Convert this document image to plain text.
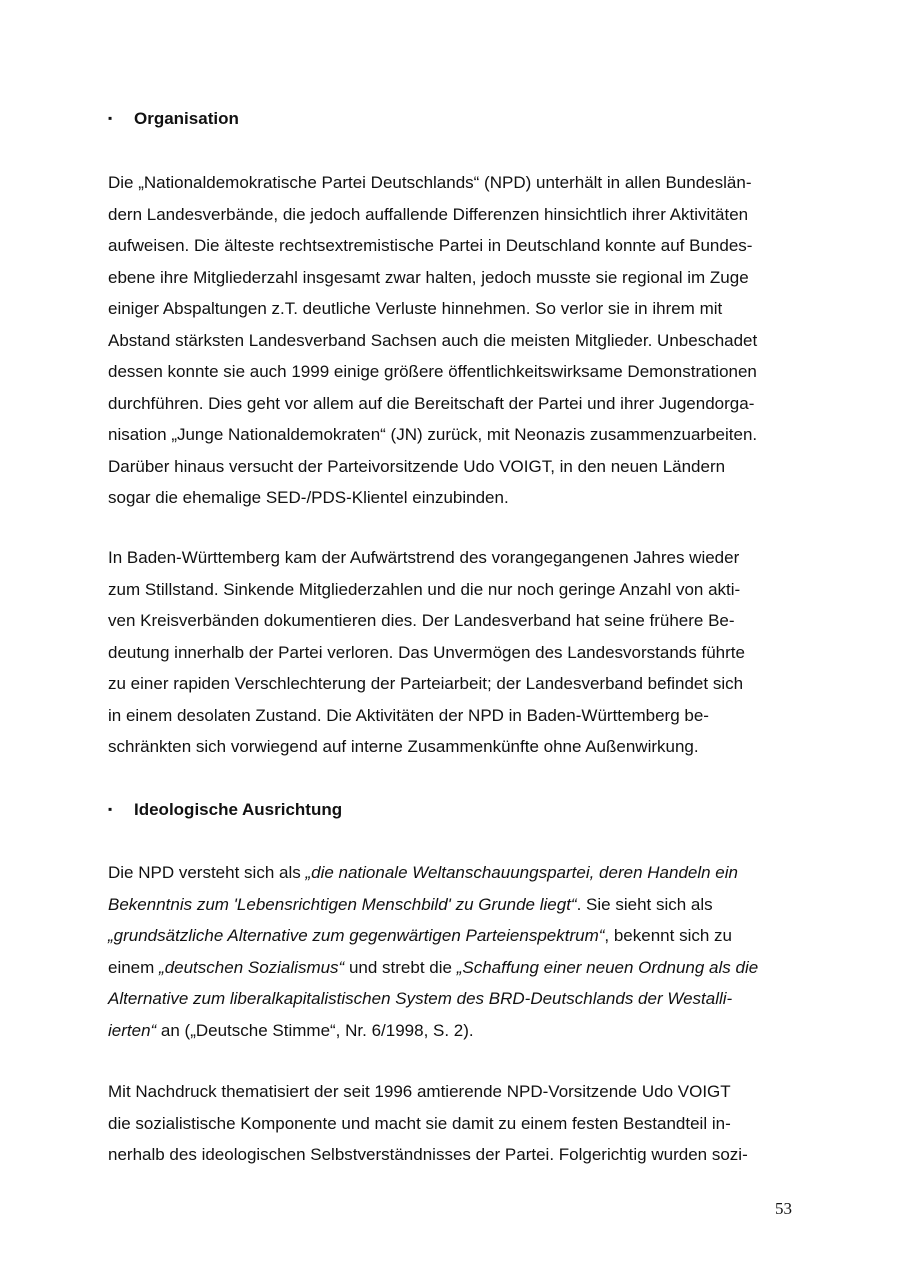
▪ Organisation
Die „Nationaldemokratische Partei Deutschlands“ (NPD) unterhält in allen Bundeslän-
dern Landesverbände, die jedoch auffallende Differenzen hinsichtlich ihrer Aktivitäten
aufweisen. Die älteste rechtsextremistische Partei in Deutschland konnte auf Bundes-
ebene ihre Mitgliederzahl insgesamt zwar halten, jedoch musste sie regional im Zuge
einiger Abspaltungen z.T. deutliche Verluste hinnehmen. So verlor sie in ihrem mit
Abstand stärksten Landesverband Sachsen auch die meisten Mitglieder. Unbeschadet
dessen konnte sie auch 1999 einige größere öffentlichkeitswirksame Demonstrationen
durchführen. Dies geht vor allem auf die Bereitschaft der Partei und ihrer Jugendorga-
nisation „Junge Nationaldemokraten“ (JN) zurück, mit Neonazis zusammenzuarbeiten.
Darüber hinaus versucht der Parteivorsitzende Udo VOIGT, in den neuen Ländern
sogar die ehemalige SED-/PDS-Klientel einzubinden.
In Baden-Württemberg kam der Aufwärtstrend des vorangegangenen Jahres wieder
zum Stillstand. Sinkende Mitgliederzahlen und die nur noch geringe Anzahl von akti-
ven Kreisverbänden dokumentieren dies. Der Landesverband hat seine frühere Be-
deutung innerhalb der Partei verloren. Das Unvermögen des Landesvorstands führte
zu einer rapiden Verschlechterung der Parteiarbeit; der Landesverband befindet sich
in einem desolaten Zustand. Die Aktivitäten der NPD in Baden-Württemberg be-
schränkten sich vorwiegend auf interne Zusammenkünfte ohne Außenwirkung.
▪ Ideologische Ausrichtung
Die NPD versteht sich als „die nationale Weltanschauungspartei, deren Handeln ein
Bekenntnis zum 'Lebensrichtigen Menschbild' zu Grunde liegt“. Sie sieht sich als
„grundsätzliche Alternative zum gegenwärtigen Parteienspektrum“, bekennt sich zu
einem „deutschen Sozialismus“ und strebt die „Schaffung einer neuen Ordnung als die
Alternative zum liberalkapitalistischen System des BRD-Deutschlands der Westalli-
ierten“ an („Deutsche Stimme“, Nr. 6/1998, S. 2).
Mit Nachdruck thematisiert der seit 1996 amtierende NPD-Vorsitzende Udo VOIGT
die sozialistische Komponente und macht sie damit zu einem festen Bestandteil in-
nerhalb des ideologischen Selbstverständnisses der Partei. Folgerichtig wurden sozi-
53
